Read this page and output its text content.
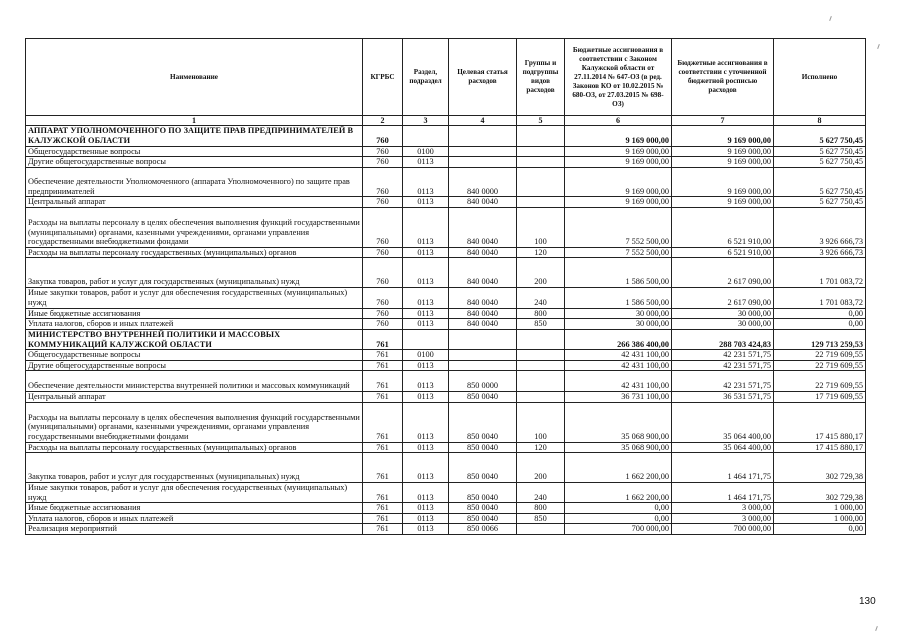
Наименование	КГРБС	Раздел, подраздел	Целевая статья расходов	Группы и подгруппы видов расходов	Бюджетные ассигнования в соответствии с Законом Калужской области от 27.11.2014 № 647-ОЗ (в ред. Законов КО от 10.02.2015 № 680-ОЗ, от 27.03.2015 № 698-ОЗ)	Бюджетные ассигнования в соответствии с уточненной бюджетной росписью расходов	Исполнено
1	2	3	4	5	6	7	8
АППАРАТ УПОЛНОМОЧЕННОГО ПО ЗАЩИТЕ ПРАВ ПРЕДПРИНИМАТЕЛЕЙ В КАЛУЖСКОЙ ОБЛАСТИ	760				9 169 000,00	9 169 000,00	5 627 750,45
Общегосударственные вопросы	760	0100			9 169 000,00	9 169 000,00	5 627 750,45
Другие общегосударственные вопросы	760	0113			9 169 000,00	9 169 000,00	5 627 750,45
Обеспечение деятельности Уполномоченного (аппарата Уполномоченного) по защите прав предпринимателей	760	0113	840 0000		9 169 000,00	9 169 000,00	5 627 750,45
Центральный аппарат	760	0113	840 0040		9 169 000,00	9 169 000,00	5 627 750,45
Расходы на выплаты персоналу в целях обеспечения выполнения функций государственными (муниципальными) органами, казенными учреждениями, органами управления государственными внебюджетными фондами	760	0113	840 0040	100	7 552 500,00	6 521 910,00	3 926 666,73
Расходы на выплаты персоналу государственных (муниципальных) органов	760	0113	840 0040	120	7 552 500,00	6 521 910,00	3 926 666,73
Закупка товаров, работ и услуг для государственных (муниципальных) нужд	760	0113	840 0040	200	1 586 500,00	2 617 090,00	1 701 083,72
Иные закупки товаров, работ и услуг для обеспечения государственных (муниципальных) нужд	760	0113	840 0040	240	1 586 500,00	2 617 090,00	1 701 083,72
Иные бюджетные ассигнования	760	0113	840 0040	800	30 000,00	30 000,00	0,00
Уплата налогов, сборов и иных платежей	760	0113	840 0040	850	30 000,00	30 000,00	0,00
МИНИСТЕРСТВО ВНУТРЕННЕЙ ПОЛИТИКИ И МАССОВЫХ КОММУНИКАЦИЙ КАЛУЖСКОЙ ОБЛАСТИ	761				266 386 400,00	288 703 424,83	129 713 259,53
Общегосударственные вопросы	761	0100			42 431 100,00	42 231 571,75	22 719 609,55
Другие общегосударственные вопросы	761	0113			42 431 100,00	42 231 571,75	22 719 609,55
Обеспечение деятельности министерства внутренней политики и массовых коммуникаций	761	0113	850 0000		42 431 100,00	42 231 571,75	22 719 609,55
Центральный аппарат	761	0113	850 0040		36 731 100,00	36 531 571,75	17 719 609,55
Расходы на выплаты персоналу в целях обеспечения выполнения функций государственными (муниципальными) органами, казенными учреждениями, органами управления государственными внебюджетными фондами	761	0113	850 0040	100	35 068 900,00	35 064 400,00	17 415 880,17
Расходы на выплаты персоналу государственных (муниципальных) органов	761	0113	850 0040	120	35 068 900,00	35 064 400,00	17 415 880,17
Закупка товаров, работ и услуг для государственных (муниципальных) нужд	761	0113	850 0040	200	1 662 200,00	1 464 171,75	302 729,38
Иные закупки товаров, работ и услуг для обеспечения государственных (муниципальных) нужд	761	0113	850 0040	240	1 662 200,00	1 464 171,75	302 729,38
Иные бюджетные ассигнования	761	0113	850 0040	800	0,00	3 000,00	1 000,00
Уплата налогов, сборов и иных платежей	761	0113	850 0040	850	0,00	3 000,00	1 000,00
Реализация мероприятий	761	0113	850 0066		700 000,00	700 000,00	0,00
130
